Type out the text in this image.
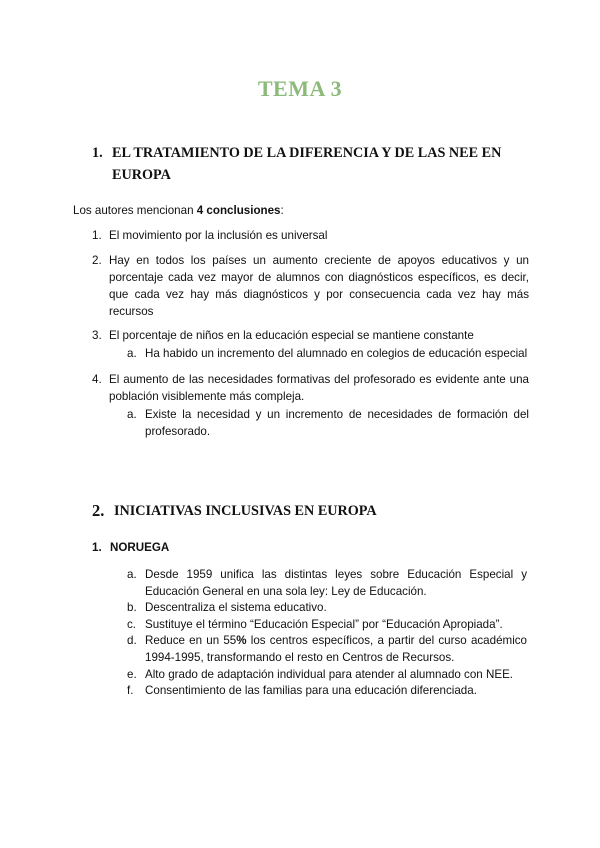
TEMA 3
1. EL TRATAMIENTO DE LA DIFERENCIA Y DE LAS NEE EN EUROPA
Los autores mencionan 4 conclusiones:
1. El movimiento por la inclusión es universal
2. Hay en todos los países un aumento creciente de apoyos educativos y un porcentaje cada vez mayor de alumnos con diagnósticos específicos, es decir, que cada vez hay más diagnósticos y por consecuencia cada vez hay más recursos
3. El porcentaje de niños en la educación especial se mantiene constante
a. Ha habido un incremento del alumnado en colegios de educación especial
4. El aumento de las necesidades formativas del profesorado es evidente ante una población visiblemente más compleja.
a. Existe la necesidad y un incremento de necesidades de formación del profesorado.
2. INICIATIVAS INCLUSIVAS EN EUROPA
1. NORUEGA
a. Desde 1959 unifica las distintas leyes sobre Educación Especial y Educación General en una sola ley: Ley de Educación.
b. Descentraliza el sistema educativo.
c. Sustituye el término “Educación Especial” por “Educación Apropiada”.
d. Reduce en un 55% los centros específicos, a partir del curso académico 1994-1995, transformando el resto en Centros de Recursos.
e. Alto grado de adaptación individual para atender al alumnado con NEE.
f. Consentimiento de las familias para una educación diferenciada.
